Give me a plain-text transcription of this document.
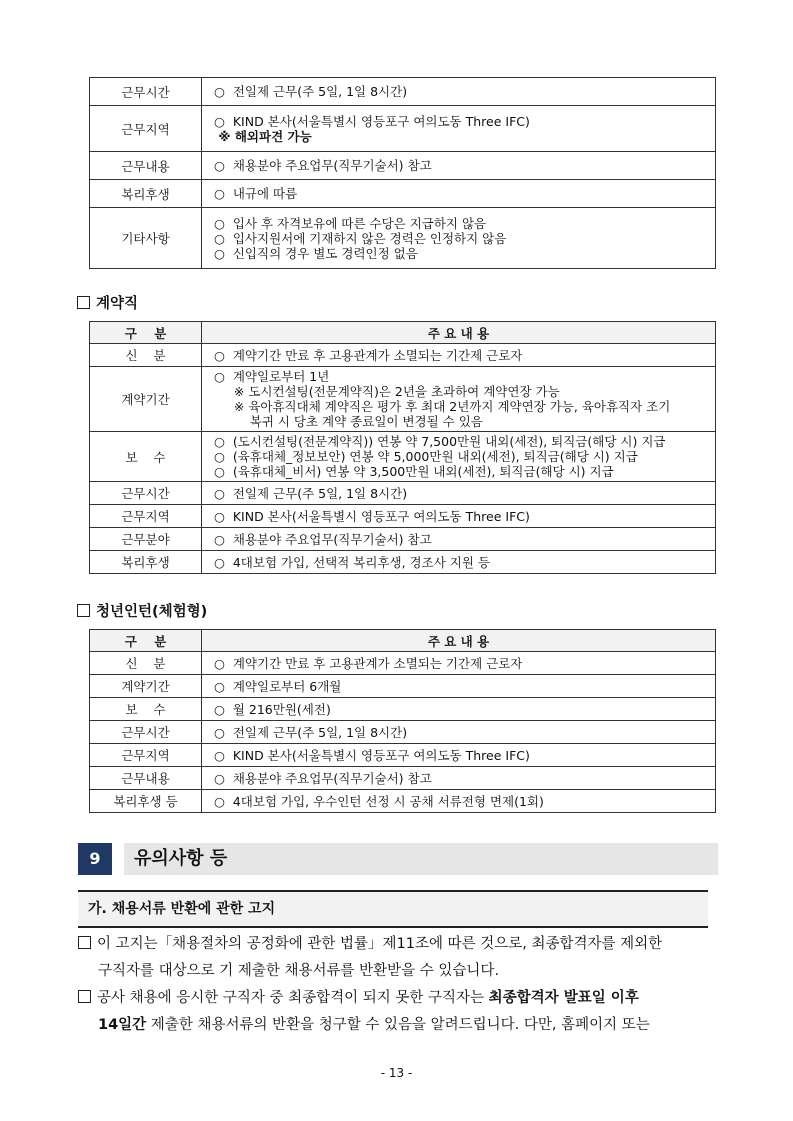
근무시간	○  전일제 근무(주 5일, 1일 8시간)

근무지역	○  KIND 본사(서울특별시 영등포구 여의도동 Three IFC)
※ 해외파견 가능

근무내용	○  채용분야 주요업무(직무기술서) 참고

복리후생	○  내규에 따름

기타사항	○  입사 후 자격보유에 따른 수당은 지급하지 않음
○  입사지원서에 기재하지 않은 경력은 인정하지 않음
○  신입직의 경우 별도 경력인정 없음
계약직
구    분	주 요 내 용
신    분	○  계약기간 만료 후 고용관계가 소멸되는 기간제 근로자

계약기간	○  계약일로부터 1년
※ 도시컨설팅(전문계약직)은 2년을 초과하여 계약연장 가능
※ 육아휴직대체 계약직은 평가 후 최대 2년까지 계약연장 가능, 육아휴직자 조기
복귀 시 당초 계약 종료일이 변경될 수 있음

보    수	○  (도시컨설팅(전문계약직)) 연봉 약 7,500만원 내외(세전), 퇴직금(해당 시) 지급
○  (육휴대체_정보보안) 연봉 약 5,000만원 내외(세전), 퇴직금(해당 시) 지급
○  (육휴대체_비서) 연봉 약 3,500만원 내외(세전), 퇴직금(해당 시) 지급

근무시간	○  전일제 근무(주 5일, 1일 8시간)

근무지역	○  KIND 본사(서울특별시 영등포구 여의도동 Three IFC)

근무분야	○  채용분야 주요업무(직무기술서) 참고

복리후생	○  4대보험 가입, 선택적 복리후생, 경조사 지원 등
청년인턴(체험형)
구    분	주 요 내 용
신    분	○  계약기간 만료 후 고용관계가 소멸되는 기간제 근로자

계약기간	○  계약일로부터 6개월

보    수	○  월 216만원(세전)

근무시간	○  전일제 근무(주 5일, 1일 8시간)

근무지역	○  KIND 본사(서울특별시 영등포구 여의도동 Three IFC)

근무내용	○  채용분야 주요업무(직무기술서) 참고

복리후생 등	○  4대보험 가입, 우수인턴 선정 시 공채 서류전형 면제(1회)
9	유의사항 등
가. 채용서류 반환에 관한 고지
이 고지는「채용절차의 공정화에 관한 법률」제11조에 따른 것으로, 최종합격자를 제외한
구직자를 대상으로 기 제출한 채용서류를 반환받을 수 있습니다.
공사 채용에 응시한 구직자 중 최종합격이 되지 못한 구직자는 최종합격자 발표일 이후
14일간 제출한 채용서류의 반환을 청구할 수 있음을 알려드립니다. 다만, 홈페이지 또는
- 13 -
